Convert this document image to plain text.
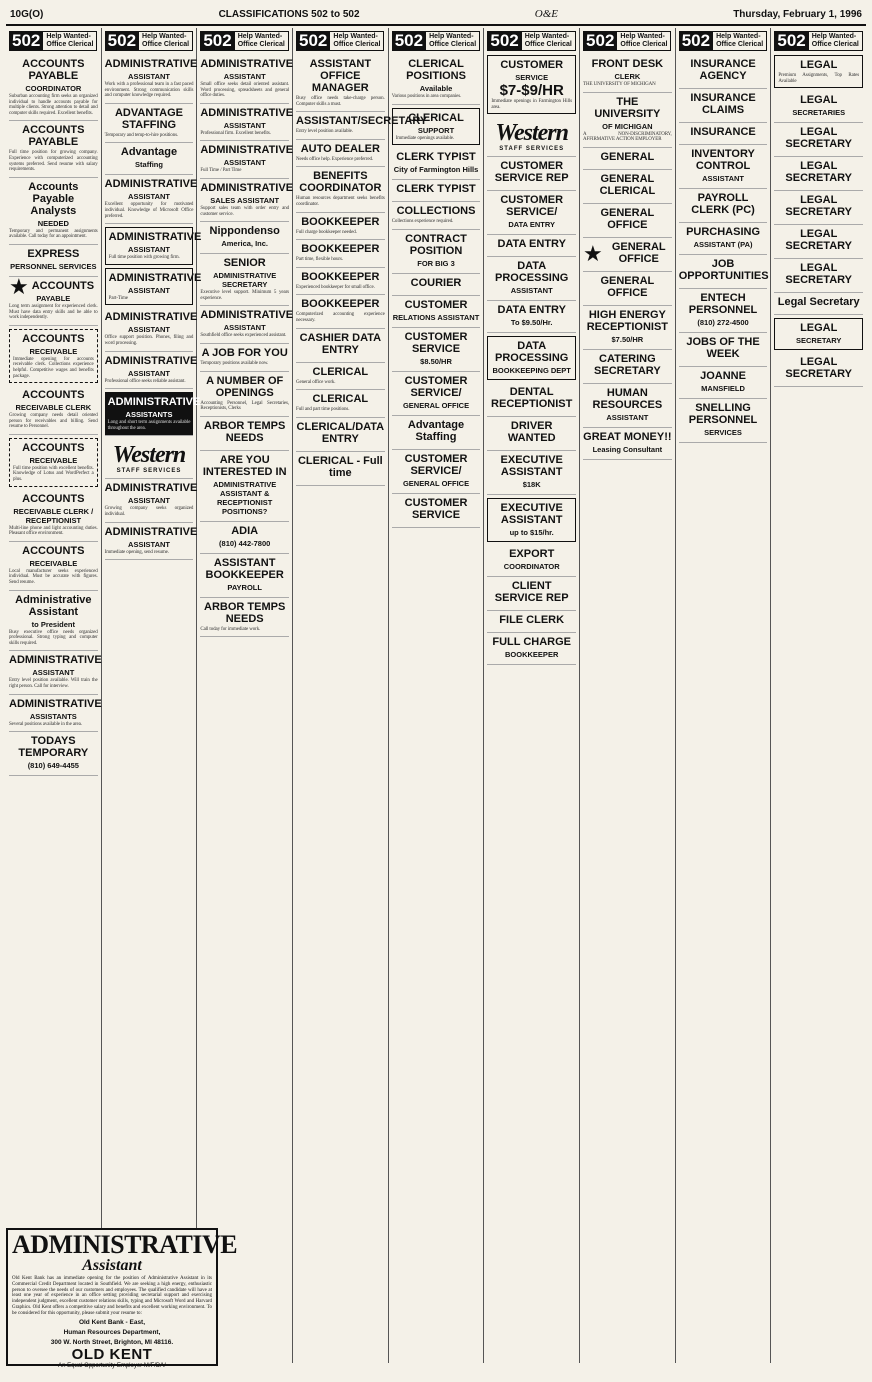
10G(O)	CLASSIFICATIONS 502 to 502	O&E	Thursday, February 1, 1996
502 Help Wanted-
Office Clerical
ACCOUNTS PAYABLE
COORDINATOR
Suburban accounting firm seeks an organized individual to handle accounts payable for multiple clients. Strong attention to detail and computer skills required. Excellent benefits.
ACCOUNTS PAYABLE
Full time position for growing company. Experience with computerized accounting systems preferred. Send resume with salary requirements.
Accounts Payable Analysts
NEEDED
Temporary and permanent assignments available. Call today for an appointment.
EXPRESS
PERSONNEL SERVICES
★ ACCOUNTS
PAYABLE
Long term assignment for experienced clerk. Must have data entry skills and be able to work independently.
ACCOUNTS
RECEIVABLE
Immediate opening for accounts receivable clerk. Collections experience helpful. Competitive wages and benefits package.
ACCOUNTS
RECEIVABLE CLERK
Growing company needs detail oriented person for receivables and billing. Send resume to Personnel.
ACCOUNTS
RECEIVABLE
Full time position with excellent benefits. Knowledge of Lotus and WordPerfect a plus.
ACCOUNTS
RECEIVABLE CLERK / RECEPTIONIST
Multi-line phone and light accounting duties. Pleasant office environment.
ACCOUNTS
RECEIVABLE
Local manufacturer seeks experienced individual. Must be accurate with figures. Send resume.
Administrative Assistant
to President
Busy executive office needs organized professional. Strong typing and computer skills required.
ADMINISTRATIVE
ASSISTANT
Entry level position available. Will train the right person. Call for interview.
ADMINISTRATIVE
ASSISTANTS
Several positions available in the area.
TODAYS TEMPORARY
(810) 649-4455
502 Help Wanted-
Office Clerical
ADMINISTRATIVE
ASSISTANT
Work with a professional team in a fast paced environment. Strong communication skills and computer knowledge required.
ADVANTAGE STAFFING
Temporary and temp-to-hire positions.
Advantage
Staffing
ADMINISTRATIVE
ASSISTANT
Excellent opportunity for motivated individual. Knowledge of Microsoft Office preferred.
ADMINISTRATIVE
ASSISTANT
Full time position with growing firm.
ADMINISTRATIVE
ASSISTANT
Part-Time
ADMINISTRATIVE
ASSISTANT
Office support position. Phones, filing and word processing.
ADMINISTRATIVE
ASSISTANT
Professional office seeks reliable assistant.
ADMINISTRATIVE
ASSISTANTS
Long and short term assignments available throughout the area.
Western
STAFF SERVICES
ADMINISTRATIVE
ASSISTANT
Growing company seeks organized individual.
ADMINISTRATIVE
ASSISTANT
Immediate opening, send resume.
502 Help Wanted-
Office Clerical
ADMINISTRATIVE
ASSISTANT
Small office seeks detail oriented assistant. Word processing, spreadsheets and general office duties.
ADMINISTRATIVE
ASSISTANT
Professional firm. Excellent benefits.
ADMINISTRATIVE
ASSISTANT
Full Time / Part Time
ADMINISTRATIVE
SALES ASSISTANT
Support sales team with order entry and customer service.
Nippondenso
America, Inc.
SENIOR
ADMINISTRATIVE SECRETARY
Executive level support. Minimum 5 years experience.
ADMINISTRATIVE
ASSISTANT
Southfield office seeks experienced assistant.
A JOB FOR YOU
Temporary positions available now.
A NUMBER OF OPENINGS
Accounting Personnel, Legal Secretaries, Receptionists, Clerks
ARBOR TEMPS NEEDS
ARE YOU INTERESTED IN
ADMINISTRATIVE ASSISTANT & RECEPTIONIST POSITIONS?
ADIA
(810) 442-7800
ASSISTANT BOOKKEEPER
PAYROLL
ARBOR TEMPS NEEDS
Call today for immediate work.
502 Help Wanted-
Office Clerical
ASSISTANT OFFICE MANAGER
Busy office needs take-charge person. Computer skills a must.
ASSISTANT/SECRETARY
Entry level position available.
AUTO DEALER
Needs office help. Experience preferred.
BENEFITS COORDINATOR
Human resources department seeks benefits coordinator.
BOOKKEEPER
Full charge bookkeeper needed.
BOOKKEEPER
Part time, flexible hours.
BOOKKEEPER
Experienced bookkeeper for small office.
BOOKKEEPER
Computerized accounting experience necessary.
CASHIER DATA ENTRY
CLERICAL
General office work.
CLERICAL
Full and part time positions.
CLERICAL/DATA ENTRY
CLERICAL - Full time
502 Help Wanted-
Office Clerical
CLERICAL POSITIONS
Available
Various positions in area companies.
CLERICAL
SUPPORT
Immediate openings available.
CLERK TYPIST
City of Farmington Hills
CLERK TYPIST
COLLECTIONS
Collections experience required.
CONTRACT POSITION
FOR BIG 3
COURIER
CUSTOMER
RELATIONS ASSISTANT
CUSTOMER SERVICE
$8.50/HR
CUSTOMER SERVICE/
GENERAL OFFICE
Advantage Staffing
CUSTOMER SERVICE/
GENERAL OFFICE
CUSTOMER SERVICE
502 Help Wanted-
Office Clerical
CUSTOMER
SERVICE
$7-$9/HR
Immediate openings in Farmington Hills area.
Western
STAFF SERVICES
CUSTOMER SERVICE REP
CUSTOMER SERVICE/
DATA ENTRY
DATA ENTRY
DATA PROCESSING
ASSISTANT
DATA ENTRY
To $9.50/Hr.
DATA PROCESSING
BOOKKEEPING DEPT
DENTAL RECEPTIONIST
DRIVER WANTED
EXECUTIVE ASSISTANT
$18K
EXECUTIVE ASSISTANT
up to $15/hr.
EXPORT
COORDINATOR
CLIENT SERVICE REP
FILE CLERK
FULL CHARGE
BOOKKEEPER
502 Help Wanted-
Office Clerical
FRONT DESK
CLERK
THE UNIVERSITY OF MICHIGAN
THE UNIVERSITY
OF MICHIGAN
A NON-DISCRIMINATORY, AFFIRMATIVE ACTION EMPLOYER
GENERAL
GENERAL CLERICAL
GENERAL OFFICE
★ GENERAL OFFICE
GENERAL OFFICE
HIGH ENERGY RECEPTIONIST
$7.50/HR
CATERING SECRETARY
HUMAN RESOURCES
ASSISTANT
GREAT MONEY!!
Leasing Consultant
502 Help Wanted-
Office Clerical
INSURANCE AGENCY
INSURANCE CLAIMS
INSURANCE
INVENTORY CONTROL
ASSISTANT
PAYROLL CLERK (PC)
PURCHASING
ASSISTANT (PA)
JOB OPPORTUNITIES
ENTECH PERSONNEL
(810) 272-4500
JOBS OF THE WEEK
JOANNE
MANSFIELD
SNELLING PERSONNEL
SERVICES
502 Help Wanted-
Office Clerical
LEGAL
Premium Assignments, Top Rates Available
LEGAL
SECRETARIES
LEGAL SECRETARY
LEGAL SECRETARY
LEGAL SECRETARY
LEGAL SECRETARY
LEGAL SECRETARY
Legal Secretary
LEGAL
SECRETARY
LEGAL SECRETARY
ADMINISTRATIVE
Assistant
Old Kent Bank has an immediate opening for the position of Administrative Assistant in its Commercial Credit Department located in Southfield. We are seeking a high energy, enthusiastic person to oversee the needs of our customers and employees. The qualified candidate will have at least one year of experience in an office setting providing secretarial support and exercising independent judgment, excellent customer relations skills, typing and Microsoft Word and Harvard Graphics. Old Kent offers a competitive salary and benefits and excellent working environment. To be considered for this opportunity, please submit your resume to:
Old Kent Bank - East,
Human Resources Department,
300 W. North Street, Brighton, MI 48116.
OLD KENT
An Equal Opportunity Employer M/F/D/V
